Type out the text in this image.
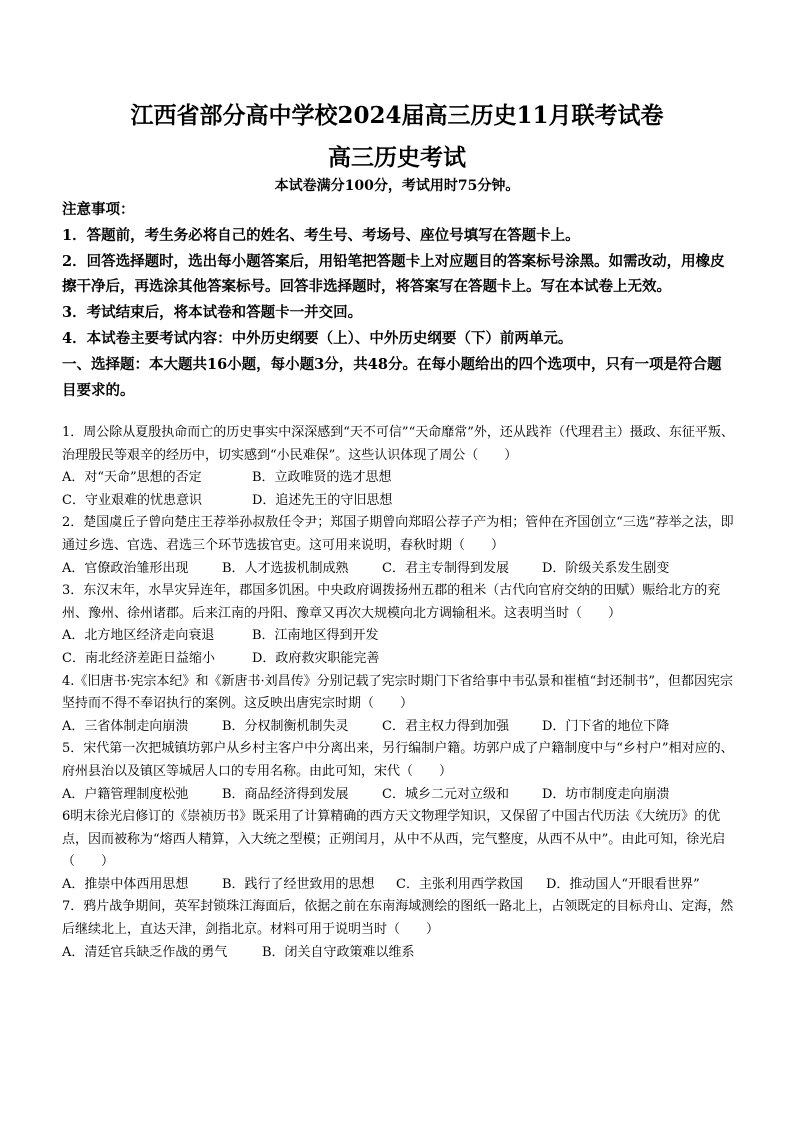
江西省部分高中学校2024届高三历史11月联考试卷
高三历史考试
本试卷满分100分，考试用时75分钟。

注意事项：

1．答题前，考生务必将自己的姓名、考生号、考场号、座位号填写在答题卡上。

2．回答选择题时，选出每小题答案后，用铅笔把答题卡上对应题目的答案标号涂黑。如需改动，用橡皮擦干净后，再选涂其他答案标号。回答非选择题时，将答案写在答题卡上。写在本试卷上无效。

3．考试结束后，将本试卷和答题卡一并交回。

4．本试卷主要考试内容：中外历史纲要（上）、中外历史纲要（下）前两单元。

一、选择题：本大题共16小题，每小题3分，共48分。在每小题给出的四个选项中，只有一项是符合题目要求的。

1．周公除从夏殷执命而亡的历史事实中深深感到“天不可信”“天命靡常”外，还从践祚（代理君主）摄政、东征平叛、治理殷民等艰辛的经历中，切实感到“小民难保”。这些认识体现了周公（　　）

A．对“天命”思想的否定	B．立政唯贤的选才思想
C．守业艰难的忧患意识	D．追述先王的守旧思想

2．楚国虞丘子曾向楚庄王荐举孙叔敖任令尹；郑国子期曾向郑昭公荐子产为相；管仲在齐国创立“三选”荐举之法，即通过乡选、官选、君选三个环节选拔官吏。这可用来说明，春秋时期（　　）

A．官僚政治雏形出现	B．人才选拔机制成熟	C．君主专制得到发展	D．阶级关系发生剧变

3．东汉末年，水旱灾异连年，郡国多饥困。中央政府调拨扬州五郡的租米（古代向官府交纳的田赋）赈给北方的兖州、豫州、徐州诸郡。后来江南的丹阳、豫章又再次大规模向北方调输租米。这表明当时（　　）

A．北方地区经济走向衰退	B．江南地区得到开发
C．南北经济差距日益缩小	D．政府救灾职能完善

4.《旧唐书·宪宗本纪》和《新唐书·刘昌传》分别记载了宪宗时期门下省给事中韦弘景和崔植“封还制书”，但都因宪宗坚持而不得不奉诏执行的案例。这反映出唐宪宗时期（　　）

A．三省体制走向崩溃	B．分权制衡机制失灵	C．君主权力得到加强	D．门下省的地位下降

5．宋代第一次把城镇坊郭户从乡村主客户中分离出来，另行编制户籍。坊郭户成了户籍制度中与“乡村户”相对应的、府州县治以及镇区等城居人口的专用名称。由此可知，宋代（　　）

A．户籍管理制度松弛	B．商品经济得到发展	C．城乡二元对立级和	D．坊市制度走向崩溃

6明末徐光启修订的《崇祯历书》既采用了计算精确的西方天文物理学知识，又保留了中国古代历法《大统历》的优点，因而被称为“熔西人精算，入大统之型模；正朔闰月，从中不从西，完气整度，从西不从中”。由此可知，徐光启（　　）

A．推崇中体西用思想	B．践行了经世致用的思想	C．主张利用西学救国	D．推动国人“开眼看世界”

7．鸦片战争期间，英军封锁珠江海面后，依据之前在东南海域测绘的图纸一路北上，占领既定的目标舟山、定海，然后继续北上，直达天津，剑指北京。材料可用于说明当时（　　）

A．清廷官兵缺乏作战的勇气	B．闭关自守政策难以维系
